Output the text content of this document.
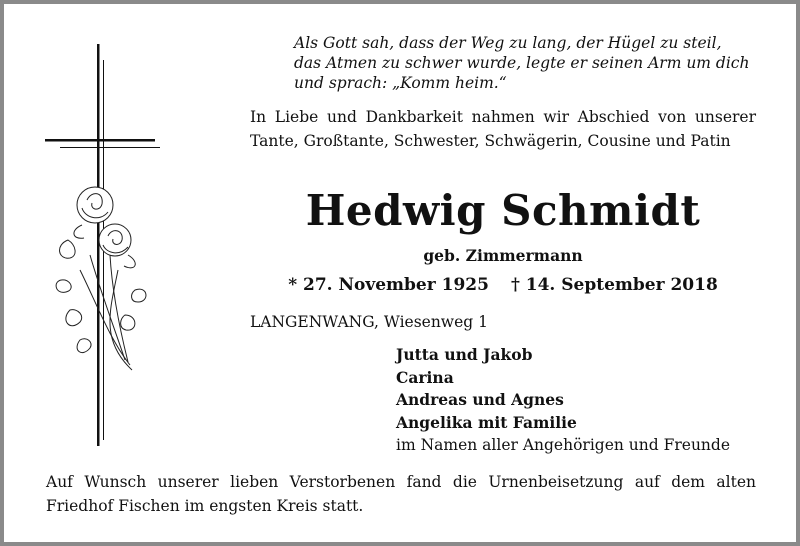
Als Gott sah, dass der Weg zu lang, der Hügel zu steil,
das Atmen zu schwer wurde, legte er seinen Arm um dich
und sprach: „Komm heim.“

In Liebe und Dankbarkeit nahmen wir Abschied von unserer Tante, Großtante, Schwester, Schwägerin, Cousine und Patin

Hedwig Schmidt
geb. Zimmermann
* 27. November 1925 † 14. September 2018
LANGENWANG, Wiesenweg 1
Jutta und Jakob
Carina
Andreas und Agnes
Angelika mit Familie
im Namen aller Angehörigen und Freunde

Auf Wunsch unserer lieben Verstorbenen fand die Urnenbeisetzung auf dem alten Friedhof Fischen im engsten Kreis statt.
